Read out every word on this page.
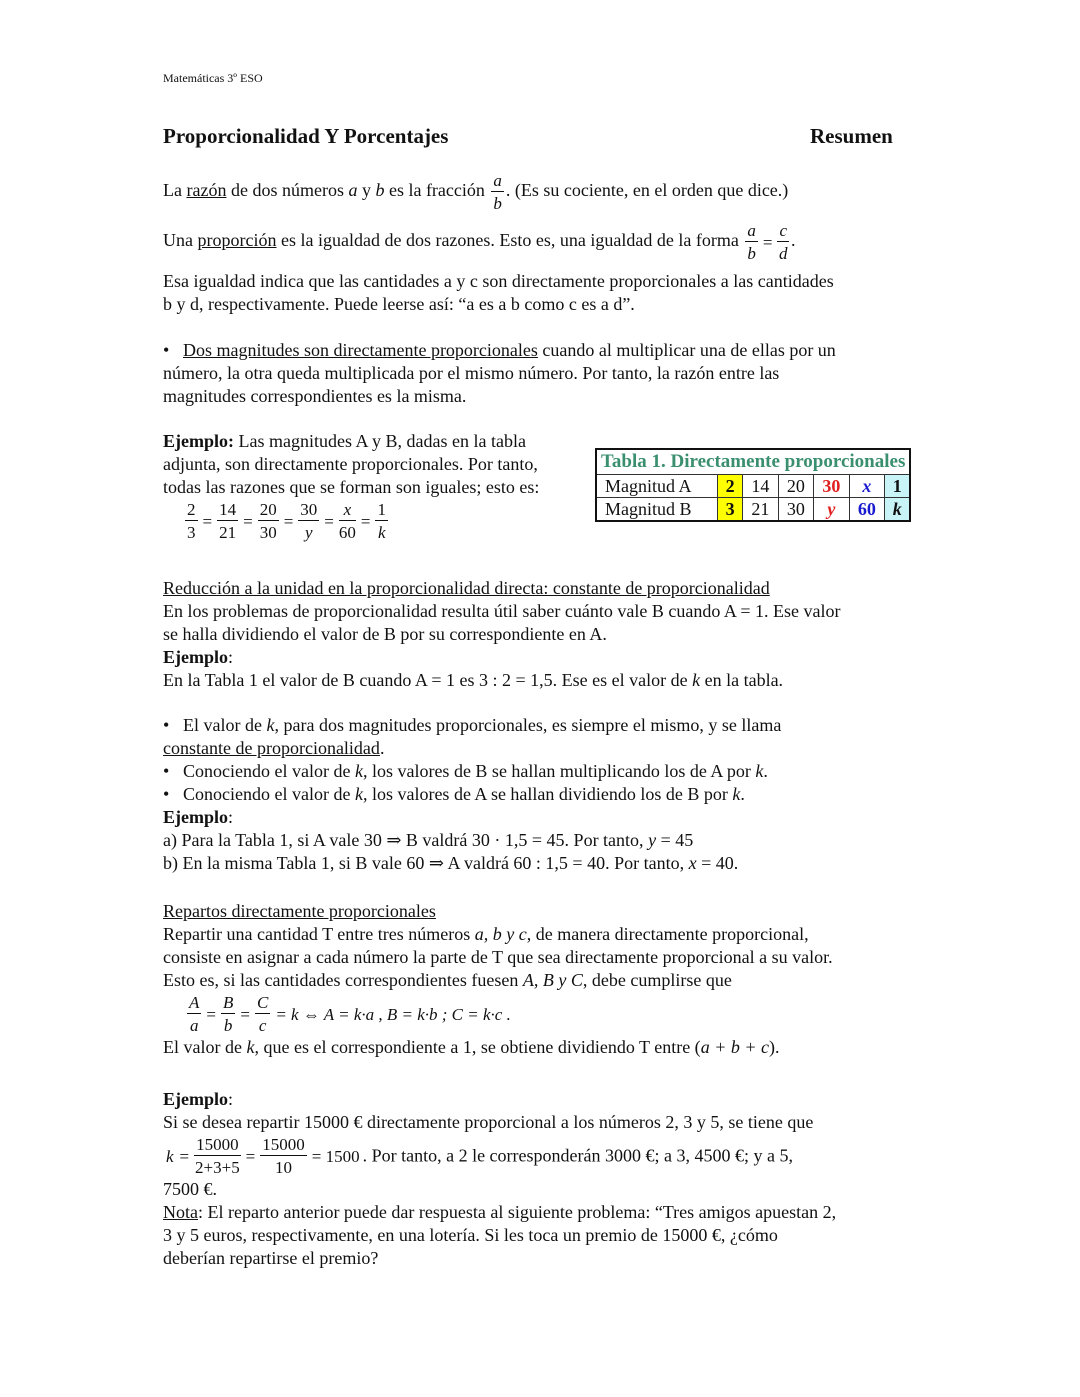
Matemáticas 3º ESO
Proporcionalidad Y Porcentajes	Resumen
La razón de dos números a y b es la fracción $\frac{a}{b}$ . (Es su cociente, en el orden que dice.)
Una proporción es la igualdad de dos razones. Esto es, una igualdad de la forma $\frac{a}{b} = \frac{c}{d}$ .
Esa igualdad indica que las cantidades a y c son directamente proporcionales a las cantidades
b y d, respectivamente. Puede leerse así: “a es a b como c es a d”.
• Dos magnitudes son directamente proporcionales cuando al multiplicar una de ellas por un
número, la otra queda multiplicada por el mismo número. Por tanto, la razón entre las
magnitudes correspondientes es la misma.
Ejemplo: Las magnitudes A y B, dadas en la tabla
adjunta, son directamente proporcionales. Por tanto,
todas las razones que se forman son iguales; esto es:
$\frac{2}{3} = \frac{14}{21} = \frac{20}{30} = \frac{30}{y} = \frac{x}{60} = \frac{1}{k}$
Tabla 1. Directamente proporcionales						
Magnitud A	2	14	20	30	x	1
Magnitud B	3	21	30	y	60	k
Reducción a la unidad en la proporcionalidad directa: constante de proporcionalidad
En los problemas de proporcionalidad resulta útil saber cuánto vale B cuando A = 1. Ese valor
se halla dividiendo el valor de B por su correspondiente en A.
Ejemplo:
En la Tabla 1 el valor de B cuando A = 1 es 3 : 2 = 1,5. Ese es el valor de k en la tabla.
• El valor de k, para dos magnitudes proporcionales, es siempre el mismo, y se llama
constante de proporcionalidad.
• Conociendo el valor de k, los valores de B se hallan multiplicando los de A por k.
• Conociendo el valor de k, los valores de A se hallan dividiendo los de B por k.
Ejemplo:
a) Para la Tabla 1, si A vale 30 ⇒ B valdrá 30 · 1,5 = 45. Por tanto, y = 45
b) En la misma Tabla 1, si B vale 60 ⇒ A valdrá 60 : 1,5 = 40. Por tanto, x = 40.
Repartos directamente proporcionales
Repartir una cantidad T entre tres números a, b y c, de manera directamente proporcional,
consiste en asignar a cada número la parte de T que sea directamente proporcional a su valor.
Esto es, si las cantidades correspondientes fuesen A, B y C, debe cumplirse que
$\frac{A}{a} = \frac{B}{b} = \frac{C}{c} = k$ ⇔ A = k·a , B = k·b ; C = k·c .
El valor de k, que es el correspondiente a 1, se obtiene dividiendo T entre (a + b + c).
Ejemplo:
Si se desea repartir 15000 € directamente proporcional a los números 2, 3 y 5, se tiene que
$k = \frac{15000}{2+3+5} = \frac{15000}{10} = 1500$ . Por tanto, a 2 le corresponderán 3000 €; a 3, 4500 €; y a 5,
7500 €.
Nota: El reparto anterior puede dar respuesta al siguiente problema: “Tres amigos apuestan 2,
3 y 5 euros, respectivamente, en una lotería. Si les toca un premio de 15000 €, ¿cómo
deberían repartirse el premio?
